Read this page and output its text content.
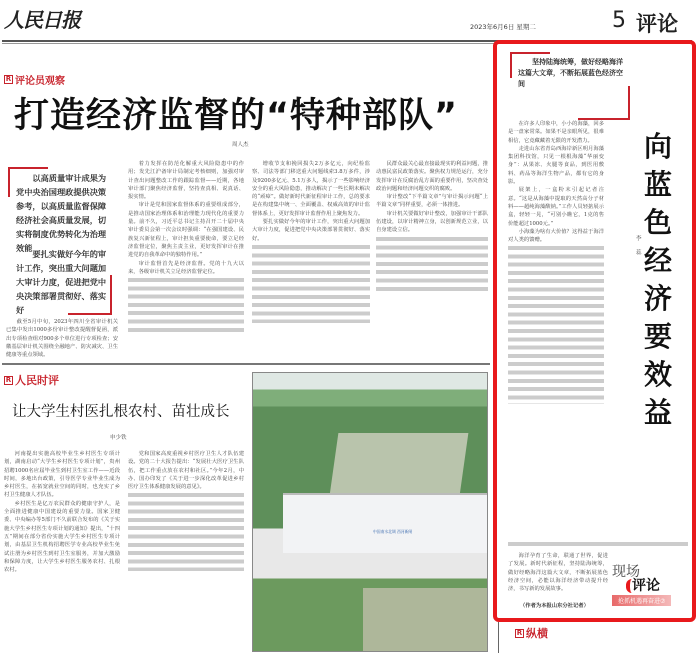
人民日报	2023年6月6日 星期二	5 评论
R 评论员观察
打造经济监督的“特种部队”
周人杰
以高质量审计成果为党中央治国理政提供决策参考，以高质量监督保障经济社会高质量发展，切实将制度优势转化为治理效能
要扎实做好今年的审计工作，突出重大问题加大审计力度，促进把党中央决策部署贯彻好、落实好

截至5月中旬，2023年四川全省审计机关已集中发出1000多份审计整改提醒督促函，派出专项检查组对900多个单位进行专项检查；安徽基层审计机关围绕全融地产、防灾减灾、卫生健康等重点领域。

着力发挥在防范化解重大风险隐患中的作用；发先江沪备审计局制定考核细则，加强对审计查出问题整改工作的跟踪监督——近期，各地审计部门聚焦经济监督，坚持查真相、说真话、报实情。

审计是党和国家监督体系的重要组成部分，是推动国家治理体系和治理能力现代化的重要力量。前不久，习近平总书记主持召开二十届中央审计委员会第一次会议时强调：“在强国建设、民族复兴新征程上，审计担负重要使命，要立足经济监督定位，聚焦主责主业，更好发挥审计在推进党的自我革命中的独特作用。”

审计监督首先是经济监督。党的十九大以来，各级审计机关立足经济监督定位。

增收节支和挽回损失2万多亿元，向纪检监察、司法等部门移送重大问题线索3.8万多件，涉及9200多亿元、5.1万多人，揭示了一些影响经济安全的重大风险隐患，推动解决了一些长期未解决的“顽瘴”。做好新时代新征程审计工作，总的要求是在构建集中统一、全面覆盖、权威高效的审计监督体系上，更好发挥审计监督作用上聚焦发力。

要扎实做好今年的审计工作，突出重大问题加大审计力度，促进把党中央决策部署贯彻好、落实好。

民群众最关心最直接最现实的利益问题，推动惠民富民政策落实。聚焦权力规范运行，充分发挥审计在反腐治乱方面的重要作用，坚决查处政治问题和经济问题交织的腐败。

审计整改“下半篇文章”与审计揭示问题“上半篇文章”同样重要，必须一体推进。

审计机关要做好审计整改，加强审计干部队伍建设，以审计精神立身，以创新规范立业，以自身建设立信。

R 人民时评
让大学生村医扎根农村、苗壮成长
申少铁

河南提出实施高校毕业生乡村医生专项计划，湖南启动“大学生乡村医生专项计划”，贵州招聘1000名应届毕业生到村卫生室工作——近段时间，多地出台政策，引导医学专业毕业生成为乡村医生，在拓宽就业空间的同时，也充实了乡村卫生健康人才队伍。

乡村医生是亿万农民群众的健康守护人，是全面推进健康中国建设的重要力量。国家卫健委、中央编办等5部门不久前联合发布的《关于实施大学生乡村医生专项计划的通知》提出，“十四五”期间在部分省份实施大学生乡村医生专项计划，由基层卫生机构招聘医学专业高校毕业生免试注册为乡村医生到村卫生室服务，并加大激励和保障力度，让大学生乡村医生服务农村、扎根农村。

党和国家高度重视乡村医疗卫生人才队伍建设。党的二十大报告提出：“发展壮大医疗卫生队伍，把工作重点放在农村和社区。”今年2月，中办、国办印发了《关于进一步深化改革促进乡村医疗卫生体系健康发展的意见》。

中国南水北调 西河新闸
坚持陆海统筹，做好经略海洋这篇大文章，不断拓展蓝色经济空间

在许多人印象中，小小的海藻，回多是一盘家常菜。如果不是亲眼所见，很难相信，它竟藏藏着无限的开发潜力。

走进山东省青岛西海岸新区明月海藻集团科技馆，只见一根根海藻“华丽变身”：从果冻、火腿等食品，到医用敷料、药品等海洋生物产品，都有它的身影。

展架上，一盒粉末引起记者注意。“这是从海藻中提取的天然高分子材料——超纯海藻酸钠。”工作人员轻掂展示盒，轻轻一晃，“可别小瞧它，1克的售价能超过1000元。”

小海藻为啥有大价值？这得益于海洋对人类的馈赠。	李蕊
向蓝色经济要效益

海洋孕育了生命，联通了世界，促进了发展。新时代新征程，坚持陆海统筹，做好经略海洋这篇大文章，不断拓展蓝色经济空间，必能以海洋经济带动提升经济，书写新的发展故事。

（作者为本报山东分社记者）
现场
评论
抢抓机遇再奋进⑦
R 纵横
